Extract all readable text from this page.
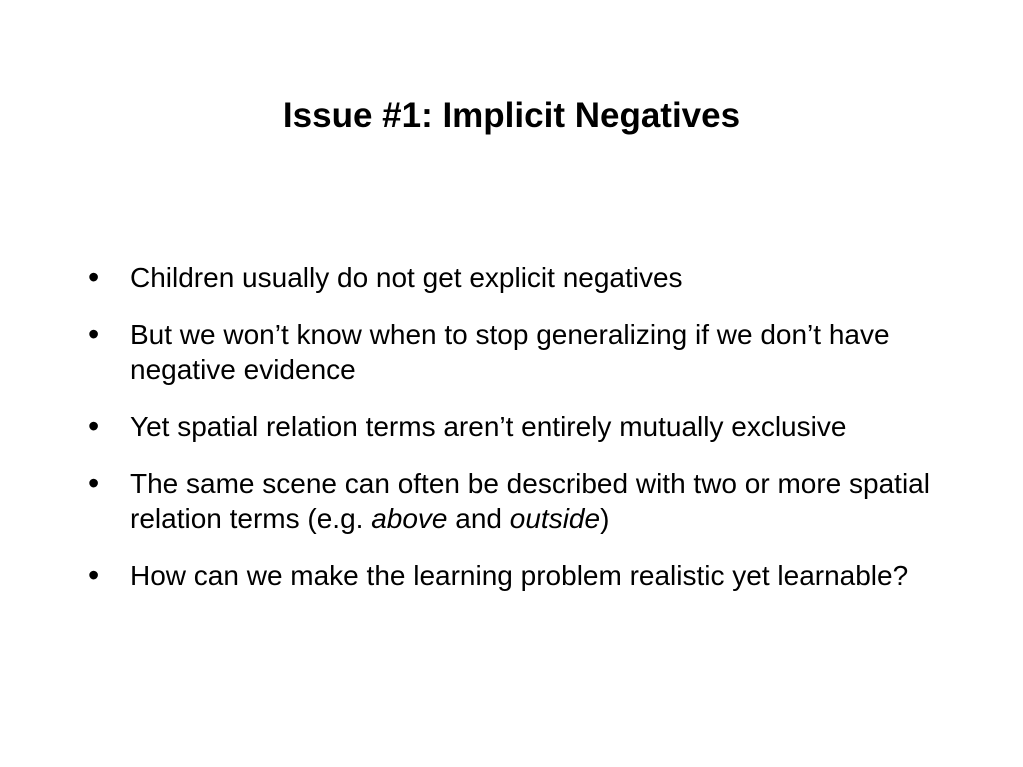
Issue #1: Implicit Negatives
• Children usually do not get explicit negatives
• But we won’t know when to stop generalizing if we don’t have negative evidence
• Yet spatial relation terms aren’t entirely mutually exclusive
• The same scene can often be described with two or more spatial relation terms (e.g. above and outside)
• How can we make the learning problem realistic yet learnable?
